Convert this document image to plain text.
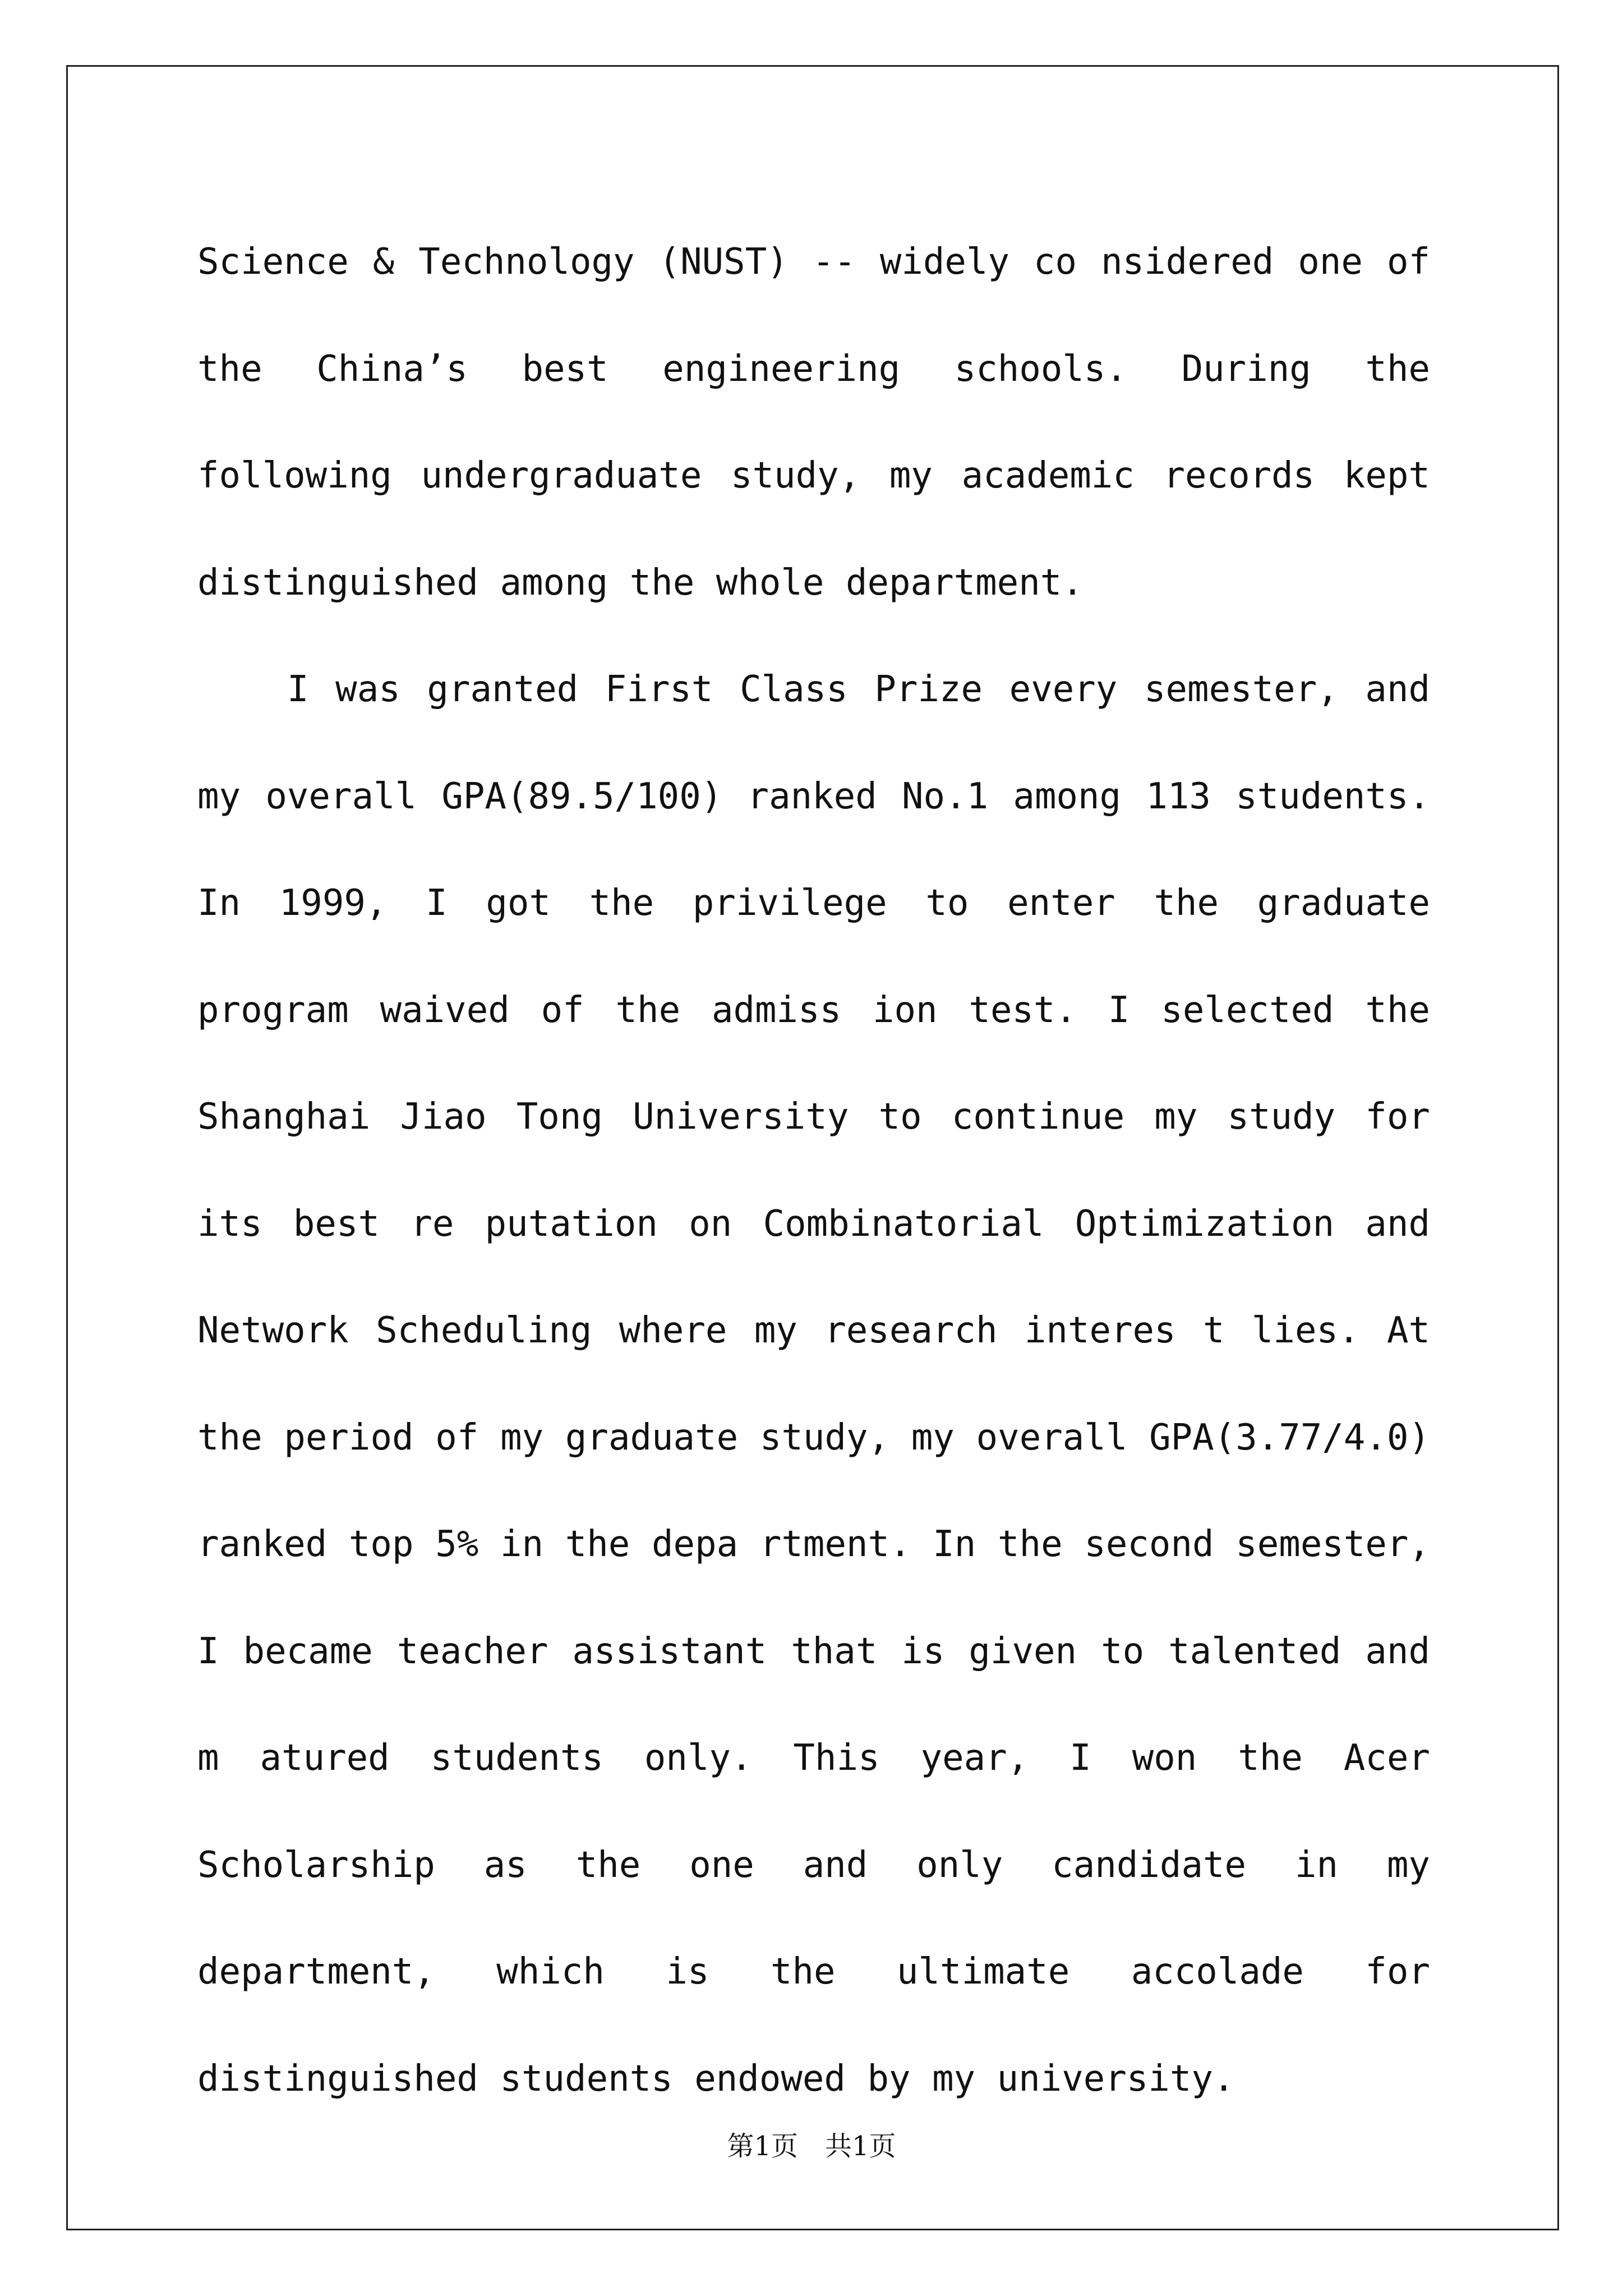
Science & Technology (NUST) -- widely co nsidered one of the China’s best engineering schools. During the following undergraduate study, my academic records kept distinguished among the whole department.

I was granted First Class Prize every semester, and my overall GPA(89.5/100) ranked No.1 among 113 students. In 1999, I got the privilege to enter the graduate program waived of the admiss ion test. I selected the Shanghai Jiao Tong University to continue my study for its best re putation on Combinatorial Optimization and Network Scheduling where my research interes t lies. At the period of my graduate study, my overall GPA(3.77/4.0) ranked top 5% in the depa rtment. In the second semester, I became teacher assistant that is given to talented and m atured students only. This year, I won the Acer Scholarship as the one and only candidate in my department, which is the ultimate accolade for distinguished students endowed by my university.

第1页　共1页
